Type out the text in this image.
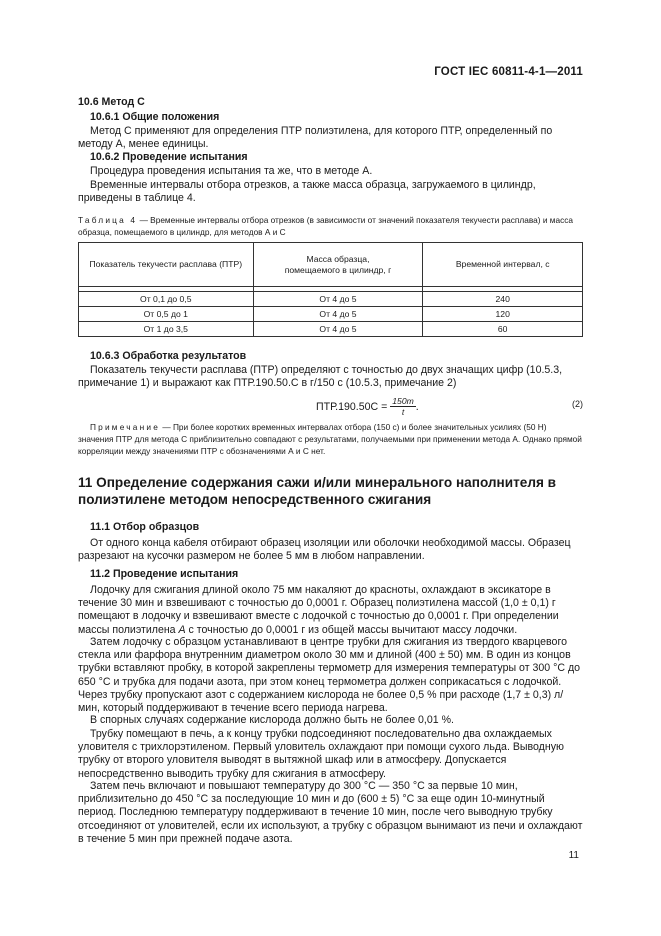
ГОСТ IEC 60811-4-1—2011
10.6 Метод С
10.6.1 Общие положения
Метод С применяют для определения ПТР полиэтилена, для которого ПТР, определенный по методу А, менее единицы.
10.6.2 Проведение испытания
Процедура проведения испытания та же, что в методе А.
Временные интервалы отбора отрезков, а также масса образца, загружаемого в цилиндр, приведены в таблице 4.
Таблица 4 — Временные интервалы отбора отрезков (в зависимости от значений показателя текучести расплава) и масса образца, помещаемого в цилиндр, для методов А и С
Показатель текучести расплава (ПТР)	Масса образца, помещаемого в цилиндр, г	Временной интервал, с

От 0,1 до 0,5	От 4 до 5	240
От 0,5 до 1	От 4 до 5	120
От 1 до 3,5	От 4 до 5	60
10.6.3 Обработка результатов
Показатель текучести расплава (ПТР) определяют с точностью до двух значащих цифр (10.5.3, примечание 1) и выражают как ПТР.190.50.С в г/150 с (10.5.3, примечание 2)
$ПТР.190.50С = \frac{150m}{t}$ .	(2)
Примечание — При более коротких временных интервалах отбора (150 с) и более значительных усилиях (50 Н) значения ПТР для метода С приблизительно совпадают с результатами, получаемыми при применении метода А. Однако прямой корреляции между значениями ПТР с обозначениями А и С нет.
11 Определение содержания сажи и/или минерального наполнителя в полиэтилене методом непосредственного сжигания
11.1 Отбор образцов
От одного конца кабеля отбирают образец изоляции или оболочки необходимой массы. Образец разрезают на кусочки размером не более 5 мм в любом направлении.
11.2 Проведение испытания
Лодочку для сжигания длиной около 75 мм накаляют до красноты, охлаждают в эксикаторе в течение 30 мин и взвешивают с точностью до 0,0001 г. Образец полиэтилена массой (1,0 ± 0,1) г помещают в лодочку и взвешивают вместе с лодочкой с точностью до 0,0001 г. При определении массы полиэтилена А с точностью до 0,0001 г из общей массы вычитают массу лодочки.
Затем лодочку с образцом устанавливают в центре трубки для сжигания из твердого кварцевого стекла или фарфора внутренним диаметром около 30 мм и длиной (400 ± 50) мм. В один из концов трубки вставляют пробку, в которой закреплены термометр для измерения температуры от 300 °С до 650 °С и трубка для подачи азота, при этом конец термометра должен соприкасаться с лодочкой. Через трубку пропускают азот с содержанием кислорода не более 0,5 % при расходе (1,7 ± 0,3) л/мин, который поддерживают в течение всего периода нагрева.
В спорных случаях содержание кислорода должно быть не более 0,01 %.
Трубку помещают в печь, а к концу трубки подсоединяют последовательно два охлаждаемых уловителя с трихлорэтиленом. Первый уловитель охлаждают при помощи сухого льда. Выводную трубку от второго уловителя выводят в вытяжной шкаф или в атмосферу. Допускается непосредственно выводить трубку для сжигания в атмосферу.
Затем печь включают и повышают температуру до 300 °С — 350 °С за первые 10 мин, приблизительно до 450 °С за последующие 10 мин и до (600 ± 5) °С за еще один 10-минутный период. Последнюю температуру поддерживают в течение 10 мин, после чего выводную трубку отсоединяют от уловителей, если их используют, а трубку с образцом вынимают из печи и охлаждают в течение 5 мин при прежней подаче азота.
11
